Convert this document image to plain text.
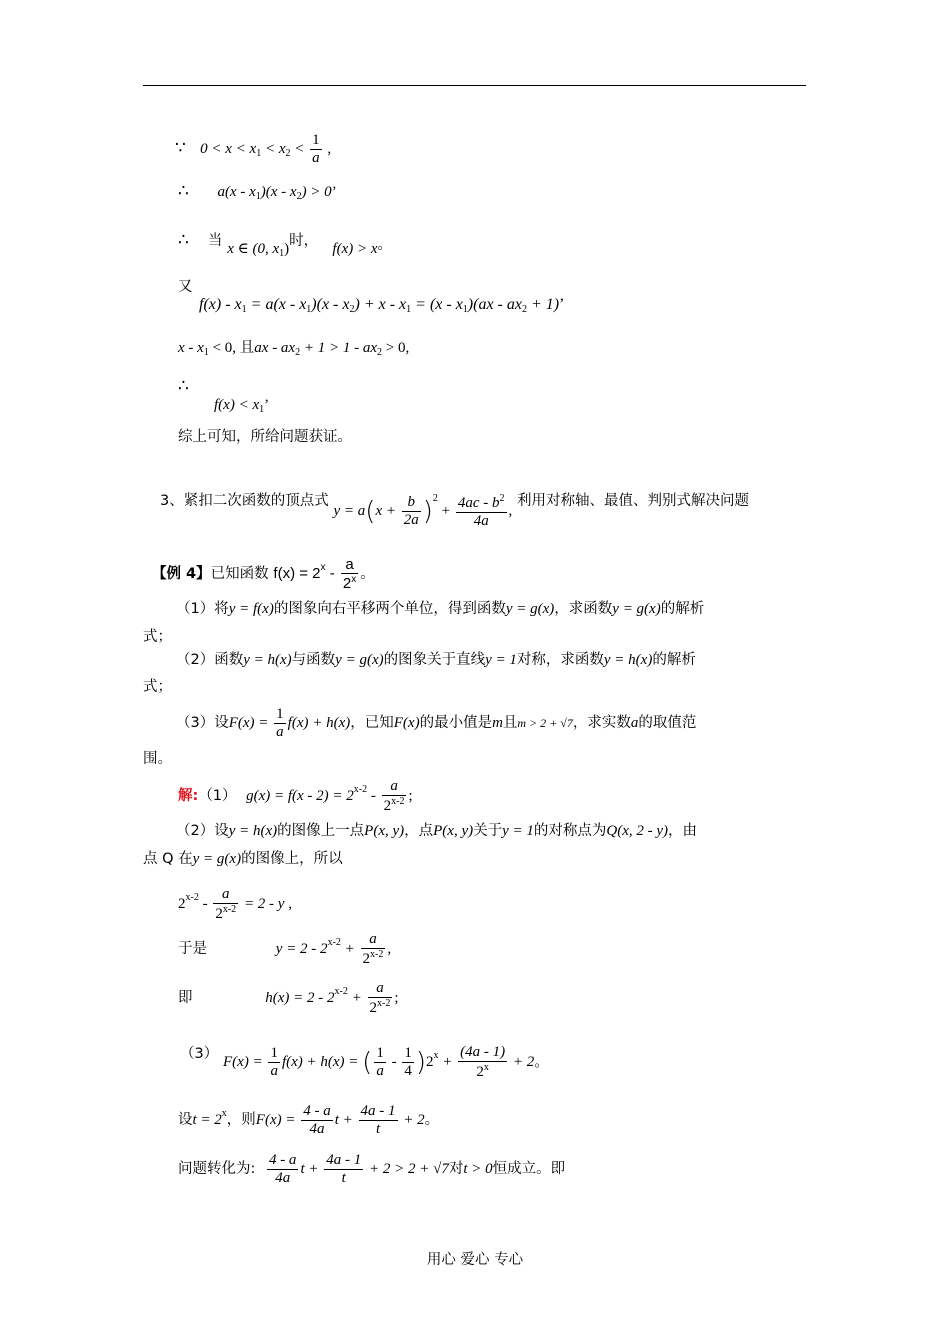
∵ $0 < x < x_1 < x_2 < \frac{1}{a}$ ,
∴ $a(x - x_1)(x - x_2) > 0$’
∴ 当 x ∈ (0, $x_1$)时， f(x) > x。
又
$f(x) - x_1 = a(x - x_1)(x - x_2) + x - x_1 = (x - x_1)(ax - ax_2 + 1)$’
$x - x_1 < 0$, 且ax - $ax_2 + 1 > 1 - ax_2 > 0$,
∴
$f(x) < x_1$’
综上可知，所给问题获证。
3、紧扣二次函数的顶点式 $y = a(x + \frac{b}{2a} )^2 + \frac{4ac - b^2}{4a}$ , 利用对称轴、最值、判别式解决问题
【例 4】已知函数 $f(x) = 2^x - \frac{a}{2^x}$ 。
（1）将y = f(x)的图象向右平移两个单位，得到函数y = g(x)，求函数y = g(x)的解析
式；
（2）函数y = h(x)与函数y = g(x)的图象关于直线y = 1对称，求函数y = h(x)的解析
式；
（3）设$F(x) = \frac{1}{a} f(x) + h(x)$，已知F(x)的最小值是m且m > 2 + √7，求实数a的取值范
围。
解:（1） $g(x) = f(x - 2) = 2^{x-2} - \frac{a}{2^{x-2}}$ ;
（2）设y = h(x)的图像上一点P(x, y)，点P(x, y)关于y = 1的对称点为Q(x, 2 - y)，由
点 Q 在y = g(x)的图像上，所以
$2^{x-2} - \frac{a}{2^{x-2}} = 2 - y$ ,
于是	$y = 2 - 2^{x-2} + \frac{a}{2^{x-2}}$ ,
即	$h(x) = 2 - 2^{x-2} + \frac{a}{2^{x-2}}$ ;
（3） $F(x) = \frac{1}{a} f(x) + h(x)$ = ( $\frac{1}{a} - \frac{1}{4} )2^x + \frac{(4a - 1)}{2^x} + 2$。
设$t = 2^x$，则$F(x) = \frac{4 - a}{4a}$ $t + \frac{4a - 1}{t} + 2$。
问题转化为: $\frac{4 - a}{4a}$ $t + \frac{4a - 1}{t} + 2 > 2 + √7$对t > 0恒成立。即
用心 爱心 专心
